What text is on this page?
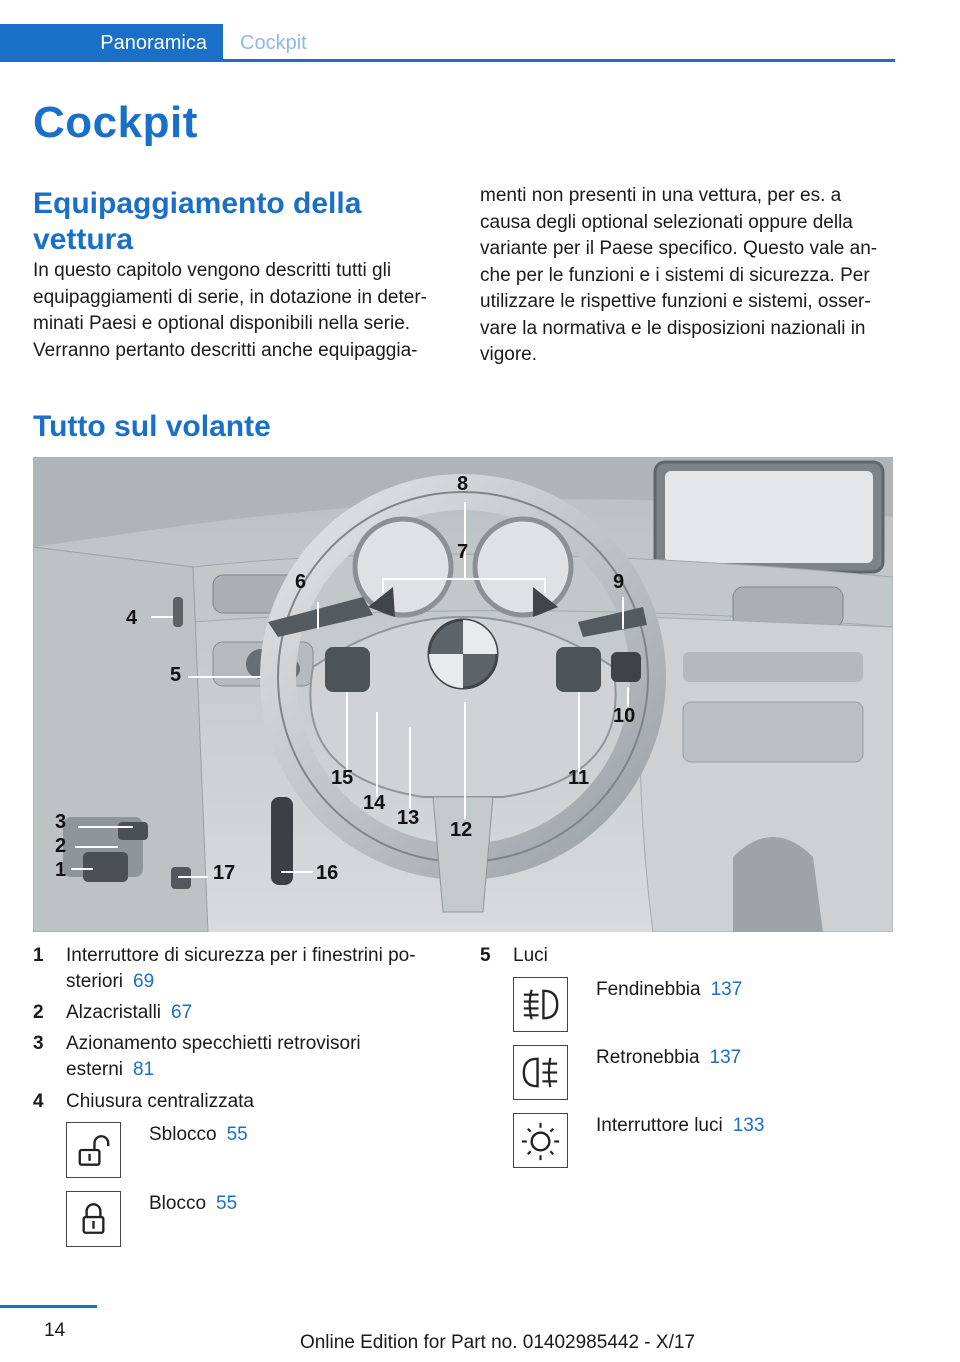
Panoramica	Cockpit
Cockpit
Equipaggiamento della
vettura
In questo capitolo vengono descritti tutti gli
equipaggiamenti di serie, in dotazione in deter-
minati Paesi e optional disponibili nella serie.
Verranno pertanto descritti anche equipaggia-
menti non presenti in una vettura, per es. a
causa degli optional selezionati oppure della
variante per il Paese specifico. Questo vale an-
che per le funzioni e i sistemi di sicurezza. Per
utilizzare le rispettive funzioni e sistemi, osser-
vare la normativa e le disposizioni nazionali in
vigore.
Tutto sul volante
8
7
6	9
4
5
10
15	11
14
13
12
3
2
1	17	16
1	Interruttore di sicurezza per i finestrini po-
steriori 69
2	Alzacristalli 67
3	Azionamento specchietti retrovisori
esterni 81
4	Chiusura centralizzata
Sblocco 55
Blocco 55
5	Luci
Fendinebbia 137
Retronebbia 137
Interruttore luci 133
14
Online Edition for Part no. 01402985442 - X/17
